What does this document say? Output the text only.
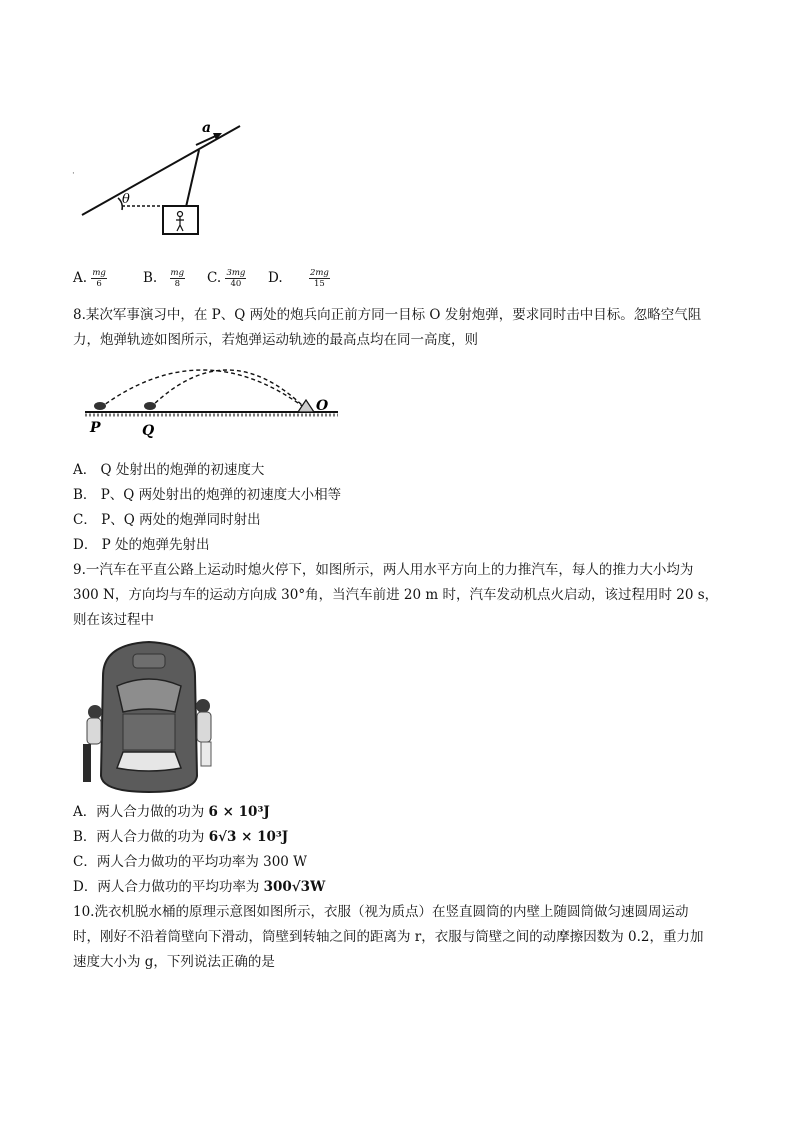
a
θ
·
A. $\frac{mg}{6}$	B. $\frac{mg}{8} C$. $\frac{3mg}{40} D$.	$\frac{2mg}{15}$
8.某次军事演习中，在 P、Q 两处的炮兵向正前方同一目标 O 发射炮弹，要求同时击中目标。忽略空气阻
力，炮弹轨迹如图所示，若炮弹运动轨迹的最高点均在同一高度，则
P	Q
O
A． Q 处射出的炮弹的初速度大
B． P、Q 两处射出的炮弹的初速度大小相等
C． P、Q 两处的炮弹同时射出
D． P 处的炮弹先射出
9.一汽车在平直公路上运动时熄火停下，如图所示，两人用水平方向上的力推汽车，每人的推力大小均为
300 N，方向均与车的运动方向成 30°角，当汽车前进 20 m 时，汽车发动机点火启动，该过程用时 20 s，
则在该过程中
A．两人合力做的功为 6 × 10³J
B．两人合力做的功为 6√3 × 10³J
C．两人合力做功的平均功率为 300 W
D．两人合力做功的平均功率为 300√3W
10.洗衣机脱水桶的原理示意图如图所示，衣服（视为质点）在竖直圆筒的内壁上随圆筒做匀速圆周运动
时，刚好不沿着筒壁向下滑动，筒壁到转轴之间的距离为 r，衣服与筒壁之间的动摩擦因数为 0.2，重力加
速度大小为 g，下列说法正确的是
